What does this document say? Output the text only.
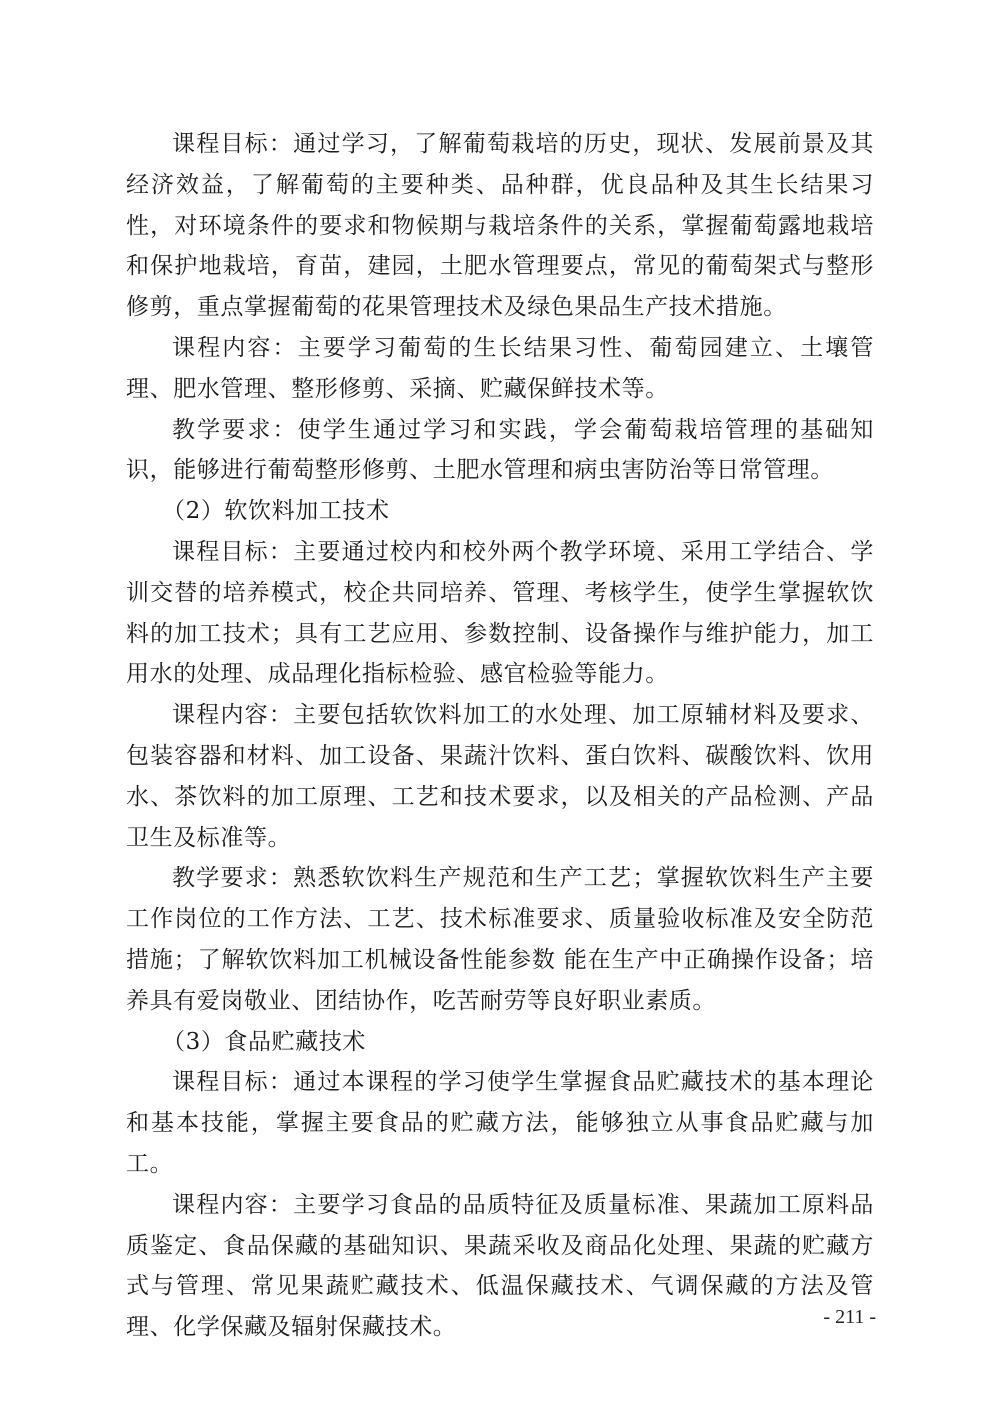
课程目标：通过学习，了解葡萄栽培的历史，现状、发展前景及其经济效益，了解葡萄的主要种类、品种群，优良品种及其生长结果习性，对环境条件的要求和物候期与栽培条件的关系，掌握葡萄露地栽培和保护地栽培，育苗，建园，土肥水管理要点，常见的葡萄架式与整形修剪，重点掌握葡萄的花果管理技术及绿色果品生产技术措施。

课程内容：主要学习葡萄的生长结果习性、葡萄园建立、土壤管理、肥水管理、整形修剪、采摘、贮藏保鲜技术等。

教学要求：使学生通过学习和实践，学会葡萄栽培管理的基础知识，能够进行葡萄整形修剪、土肥水管理和病虫害防治等日常管理。

（2）软饮料加工技术

课程目标：主要通过校内和校外两个教学环境、采用工学结合、学训交替的培养模式，校企共同培养、管理、考核学生，使学生掌握软饮料的加工技术；具有工艺应用、参数控制、设备操作与维护能力，加工用水的处理、成品理化指标检验、感官检验等能力。

课程内容：主要包括软饮料加工的水处理、加工原辅材料及要求、包装容器和材料、加工设备、果蔬汁饮料、蛋白饮料、碳酸饮料、饮用水、茶饮料的加工原理、工艺和技术要求，以及相关的产品检测、产品卫生及标准等。

教学要求：熟悉软饮料生产规范和生产工艺；掌握软饮料生产主要工作岗位的工作方法、工艺、技术标准要求、质量验收标准及安全防范措施；了解软饮料加工机械设备性能参数 能在生产中正确操作设备；培养具有爱岗敬业、团结协作，吃苦耐劳等良好职业素质。

（3）食品贮藏技术

课程目标：通过本课程的学习使学生掌握食品贮藏技术的基本理论和基本技能，掌握主要食品的贮藏方法，能够独立从事食品贮藏与加工。

课程内容：主要学习食品的品质特征及质量标准、果蔬加工原料品质鉴定、食品保藏的基础知识、果蔬采收及商品化处理、果蔬的贮藏方式与管理、常见果蔬贮藏技术、低温保藏技术、气调保藏的方法及管理、化学保藏及辐射保藏技术。	- 211 -
